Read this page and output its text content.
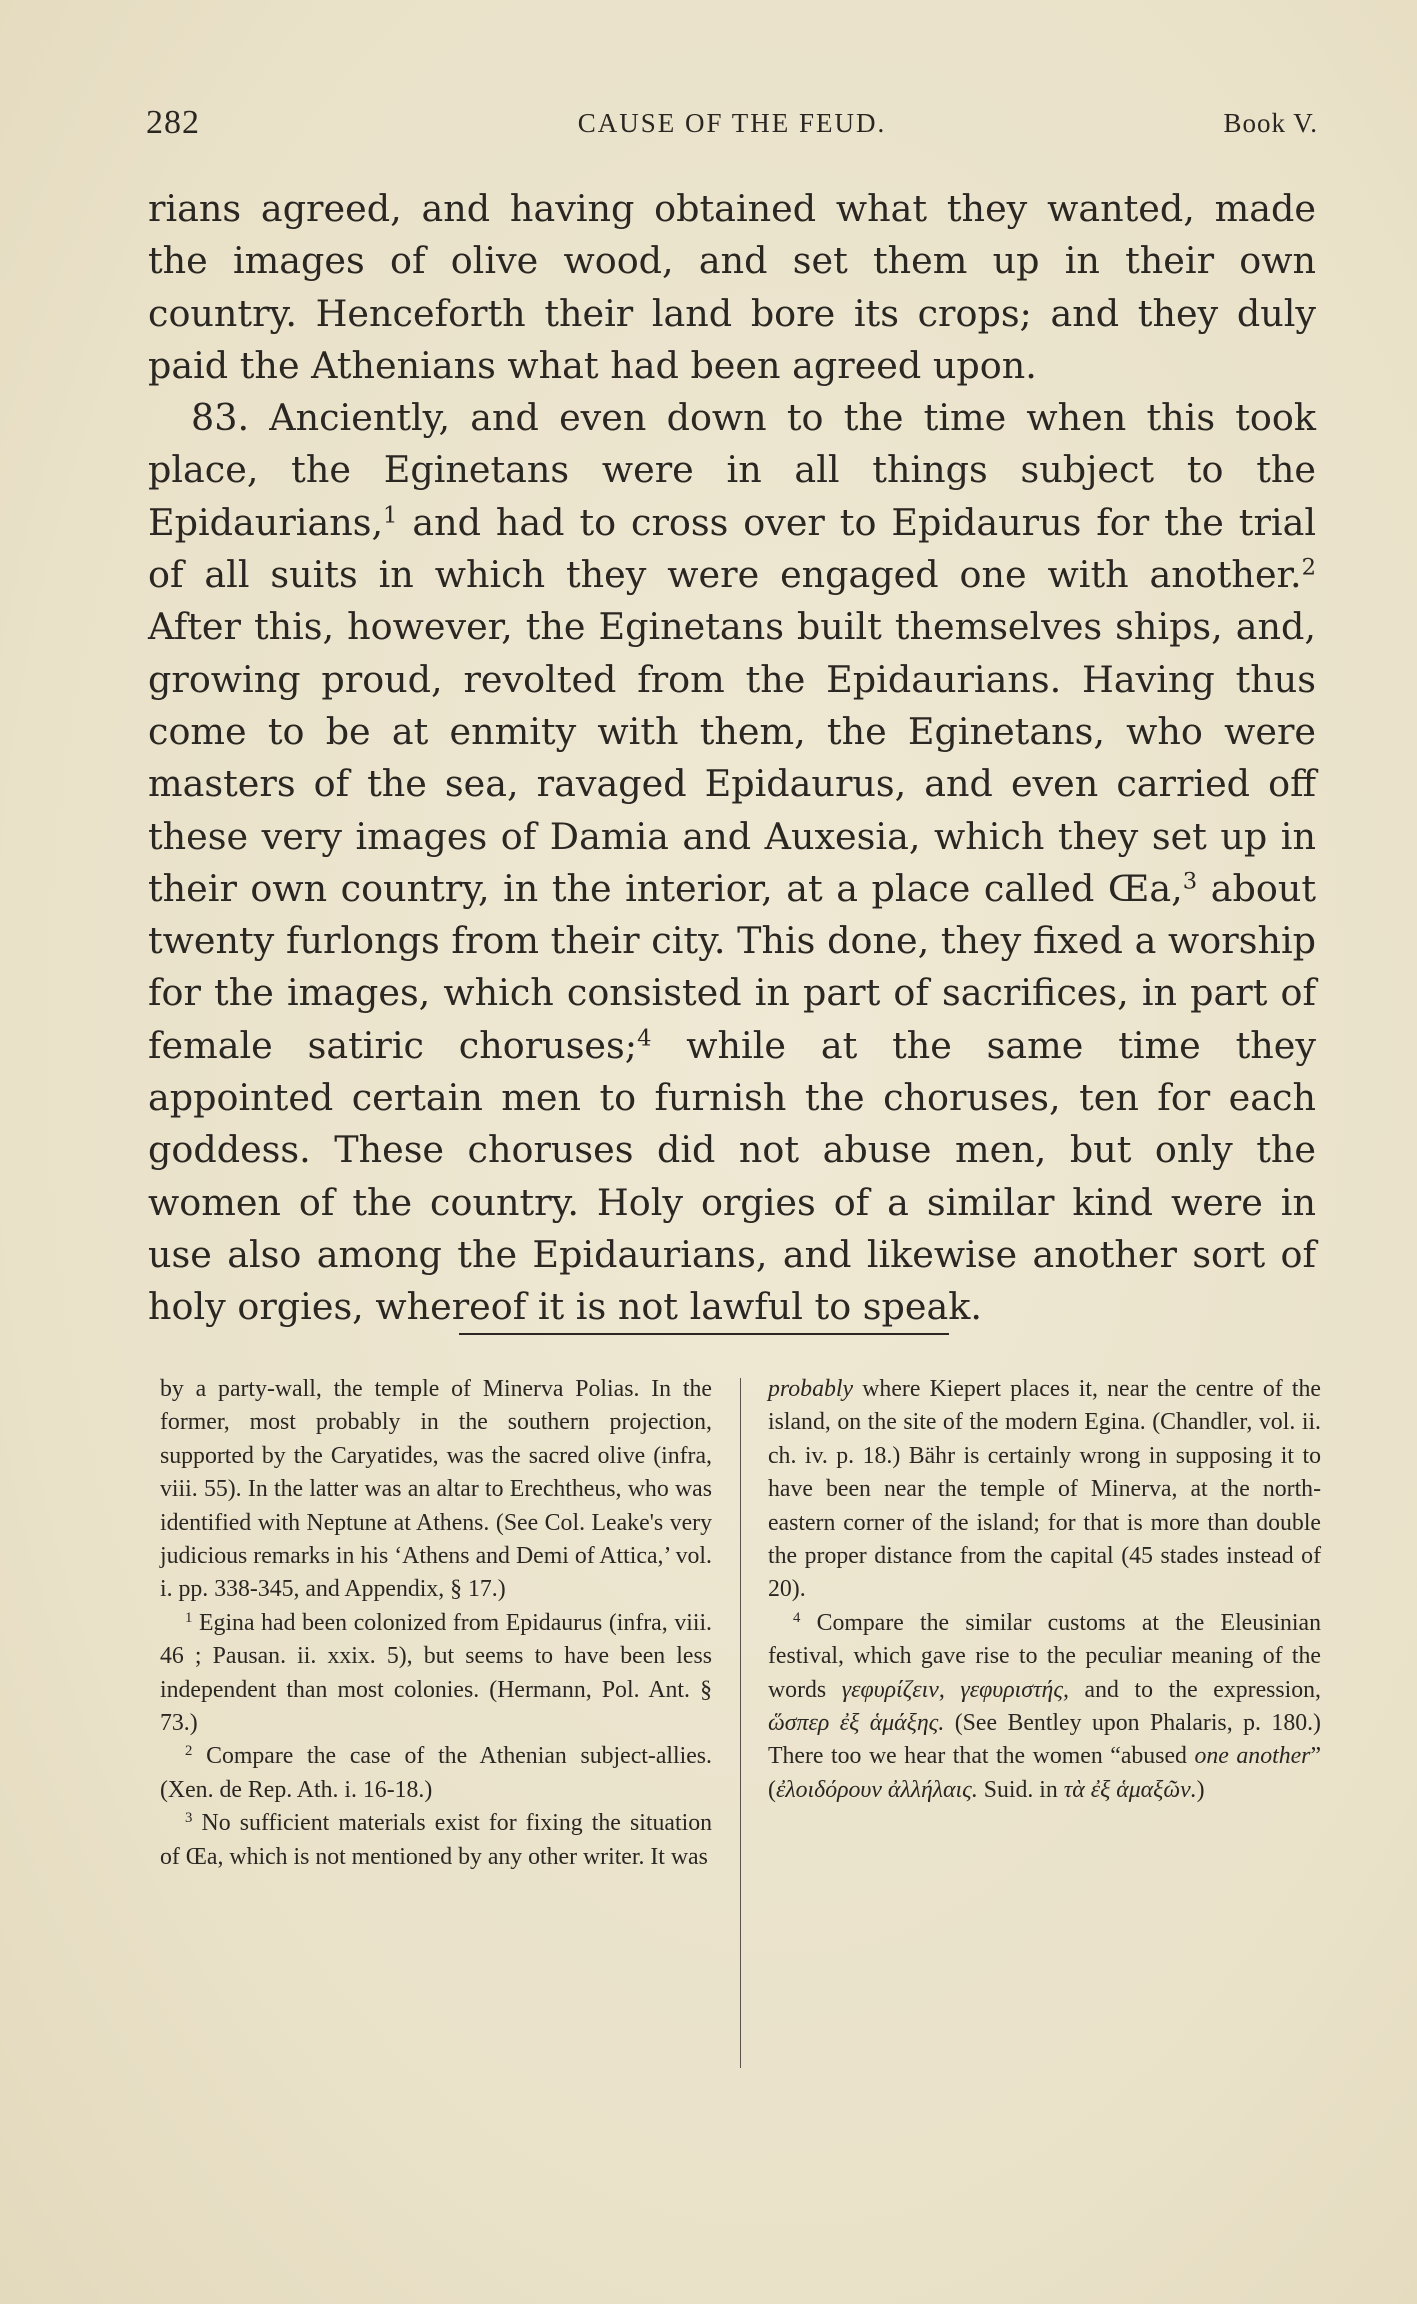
282	CAUSE OF THE FEUD.	Book V.

rians agreed, and having obtained what they wanted, made the images of olive wood, and set them up in their own country. Henceforth their land bore its crops; and they duly paid the Athenians what had been agreed upon.

83. Anciently, and even down to the time when this took place, the Eginetans were in all things subject to the Epidaurians,$^1$ and had to cross over to Epidaurus for the trial of all suits in which they were engaged one with another.$^2$ After this, however, the Eginetans built themselves ships, and, growing proud, revolted from the Epidaurians. Having thus come to be at enmity with them, the Eginetans, who were masters of the sea, ravaged Epidaurus, and even carried off these very images of Damia and Auxesia, which they set up in their own country, in the interior, at a place called Œa,$^3$ about twenty furlongs from their city. This done, they fixed a worship for the images, which consisted in part of sacrifices, in part of female satiric choruses;$^4$ while at the same time they appointed certain men to furnish the choruses, ten for each goddess. These choruses did not abuse men, but only the women of the country. Holy orgies of a similar kind were in use also among the Epidaurians, and likewise another sort of holy orgies, whereof it is not lawful to speak.

by a party-wall, the temple of Minerva Polias. In the former, most probably in the southern projection, supported by the Caryatides, was the sacred olive (infra, viii. 55). In the latter was an altar to Erechtheus, who was identified with Neptune at Athens. (See Col. Leake's very judicious remarks in his ‘Athens and Demi of Attica,’ vol. i. pp. 338-345, and Appendix, § 17.)

$^1$ Egina had been colonized from Epidaurus (infra, viii. 46 ; Pausan. ii. xxix. 5), but seems to have been less independent than most colonies. (Hermann, Pol. Ant. § 73.)

$^2$ Compare the case of the Athenian subject-allies. (Xen. de Rep. Ath. i. 16-18.)

$^3$ No sufficient materials exist for fixing the situation of Œa, which is not mentioned by any other writer. It was

probably where Kiepert places it, near the centre of the island, on the site of the modern Egina. (Chandler, vol. ii. ch. iv. p. 18.) Bähr is certainly wrong in supposing it to have been near the temple of Minerva, at the north-eastern corner of the island; for that is more than double the proper distance from the capital (45 stades instead of 20).

$^4$ Compare the similar customs at the Eleusinian festival, which gave rise to the peculiar meaning of the words γεφυρίζειν, γεφυριστής, and to the expression, ὥσπερ ἐξ ἁμάξης. (See Bentley upon Phalaris, p. 180.) There too we hear that the women “abused one another” (ἐλοιδόρουν ἀλλήλαις. Suid. in τὰ ἐξ ἁμαξῶν.)
